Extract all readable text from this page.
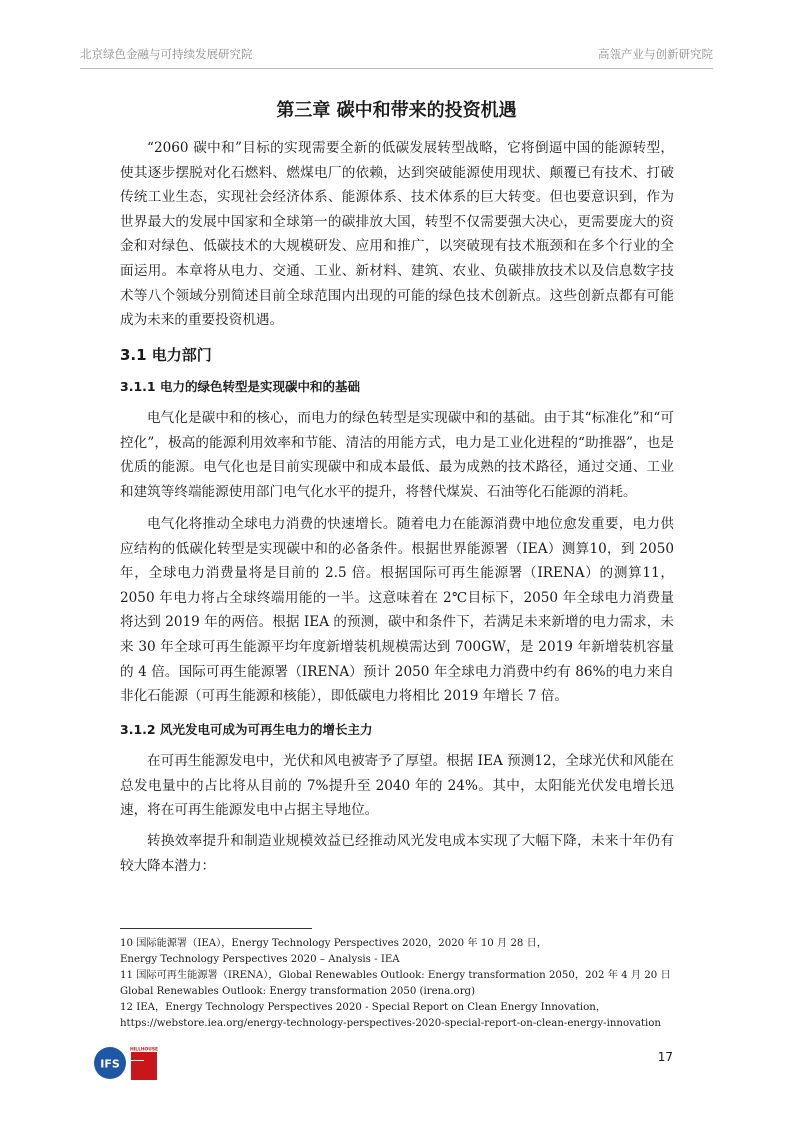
北京绿色金融与可持续发展研究院	高瓴产业与创新研究院
第三章 碳中和带来的投资机遇

“2060 碳中和”目标的实现需要全新的低碳发展转型战略，它将倒逼中国的能源转型，使其逐步摆脱对化石燃料、燃煤电厂的依赖，达到突破能源使用现状、颠覆已有技术、打破传统工业生态，实现社会经济体系、能源体系、技术体系的巨大转变。但也要意识到，作为世界最大的发展中国家和全球第一的碳排放大国，转型不仅需要强大决心，更需要庞大的资金和对绿色、低碳技术的大规模研发、应用和推广，以突破现有技术瓶颈和在多个行业的全面运用。本章将从电力、交通、工业、新材料、建筑、农业、负碳排放技术以及信息数字技术等八个领域分别简述目前全球范围内出现的可能的绿色技术创新点。这些创新点都有可能成为未来的重要投资机遇。

3.1 电力部门
3.1.1 电力的绿色转型是实现碳中和的基础

电气化是碳中和的核心，而电力的绿色转型是实现碳中和的基础。由于其“标准化”和“可控化”，极高的能源利用效率和节能、清洁的用能方式，电力是工业化进程的“助推器”，也是优质的能源。电气化也是目前实现碳中和成本最低、最为成熟的技术路径，通过交通、工业和建筑等终端能源使用部门电气化水平的提升，将替代煤炭、石油等化石能源的消耗。

电气化将推动全球电力消费的快速增长。随着电力在能源消费中地位愈发重要，电力供应结构的低碳化转型是实现碳中和的必备条件。根据世界能源署（IEA）测算10，到 2050 年，全球电力消费量将是目前的 2.5 倍。根据国际可再生能源署（IRENA）的测算11，2050 年电力将占全球终端用能的一半。这意味着在 2℃目标下，2050 年全球电力消费量将达到 2019 年的两倍。根据 IEA 的预测，碳中和条件下，若满足未来新增的电力需求，未来 30 年全球可再生能源平均年度新增装机规模需达到 700GW，是 2019 年新增装机容量的 4 倍。国际可再生能源署（IRENA）预计 2050 年全球电力消费中约有 86%的电力来自非化石能源（可再生能源和核能），即低碳电力将相比 2019 年增长 7 倍。

3.1.2 风光发电可成为可再生电力的增长主力

在可再生能源发电中，光伏和风电被寄予了厚望。根据 IEA 预测12，全球光伏和风能在总发电量中的占比将从目前的 7%提升至 2040 年的 24%。其中，太阳能光伏发电增长迅速，将在可再生能源发电中占据主导地位。

转换效率提升和制造业规模效益已经推动风光发电成本实现了大幅下降，未来十年仍有较大降本潜力：

10 国际能源署（IEA），Energy Technology Perspectives 2020，2020 年 10 月 28 日，
Energy Technology Perspectives 2020 – Analysis - IEA
11 国际可再生能源署（IRENA），Global Renewables Outlook: Energy transformation 2050，202 年 4 月 20 日
Global Renewables Outlook: Energy transformation 2050 (irena.org)
12 IEA，Energy Technology Perspectives 2020 - Special Report on Clean Energy Innovation，
https://webstore.iea.org/energy-technology-perspectives-2020-special-report-on-clean-energy-innovation
IFS
HILLHOUSE	17
